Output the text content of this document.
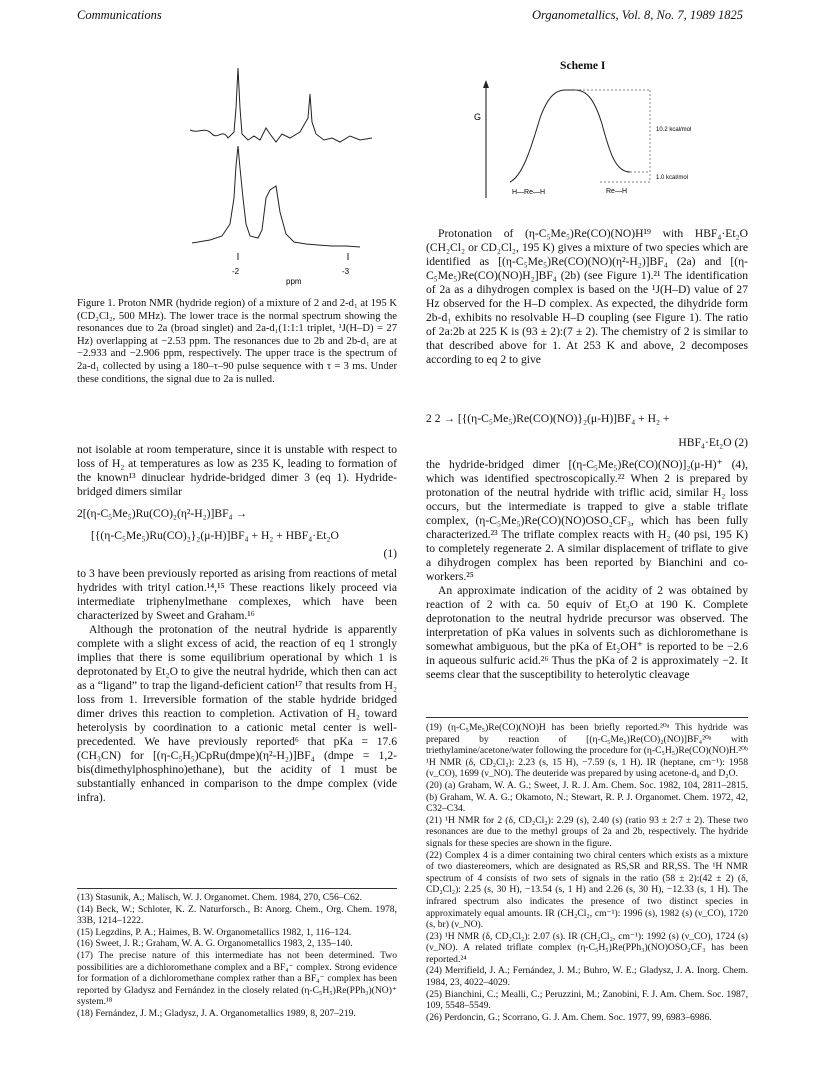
Communications	Organometallics, Vol. 8, No. 7, 1989 1825
-2
ppm
-3
Figure 1. Proton NMR (hydride region) of a mixture of 2 and 2-d₁ at 195 K (CD₂Cl₂, 500 MHz). The lower trace is the normal spectrum showing the resonances due to 2a (broad singlet) and 2a-d₁(1:1:1 triplet, ¹J(H–D) = 27 Hz) overlapping at −2.53 ppm. The resonances due to 2b and 2b-d₁ are at −2.933 and −2.906 ppm, respectively. The upper trace is the spectrum of 2a-d₁ collected by using a 180–τ–90 pulse sequence with τ = 3 ms. Under these conditions, the signal due to 2a is nulled.
Scheme I
G
10.2 kcal/mol
1.0 kcal/mol
H—Re—H	Re—H

Protonation of (η-C₅Me₅)Re(CO)(NO)H¹⁹ with HBF₄·Et₂O (CH₂Cl₂ or CD₂Cl₂, 195 K) gives a mixture of two species which are identified as [(η-C₅Me₅)Re(CO)(NO)(η²-H₂)]BF₄ (2a) and [(η-C₅Me₅)Re(CO)(NO)H₂]BF₄ (2b) (see Figure 1).²¹ The identification of 2a as a dihydrogen complex is based on the ¹J(H–D) value of 27 Hz observed for the H–D complex. As expected, the dihydride form 2b-d₁ exhibits no resolvable H–D coupling (see Figure 1). The ratio of 2a:2b at 225 K is (93 ± 2):(7 ± 2). The chemistry of 2 is similar to that described above for 1. At 253 K and above, 2 decomposes according to eq 2 to give

2 2 → [{(η-C₅Me₅)Re(CO)(NO)}₂(μ-H)]BF₄ + H₂ +
HBF₄·Et₂O (2)

not isolable at room temperature, since it is unstable with respect to loss of H₂ at temperatures as low as 235 K, leading to formation of the known¹³ dinuclear hydride-bridged dimer 3 (eq 1). Hydride-bridged dimers similar

2[(η-C₅Me₅)Ru(CO)₂(η²-H₂)]BF₄ →
[{(η-C₅Me₅)Ru(CO)₂}₂(μ-H)]BF₄ + H₂ + HBF₄·Et₂O
(1)

to 3 have been previously reported as arising from reactions of metal hydrides with trityl cation.¹⁴,¹⁵ These reactions likely proceed via intermediate triphenylmethane complexes, which have been characterized by Sweet and Graham.¹⁶

Although the protonation of the neutral hydride is apparently complete with a slight excess of acid, the reaction of eq 1 strongly implies that there is some equilibrium operational by which 1 is deprotonated by Et₂O to give the neutral hydride, which then can act as a “ligand” to trap the ligand-deficient cation¹⁷ that results from H₂ loss from 1. Irreversible formation of the stable hydride bridged dimer drives this reaction to completion. Activation of H₂ toward heterolysis by coordination to a cationic metal center is well-precedented. We have previously reported⁶ that pKa = 17.6 (CH₃CN) for [(η-C₅H₅)CpRu(dmpe)(η²-H₂)]BF₄ (dmpe = 1,2-bis(dimethylphosphino)ethane), but the acidity of 1 must be substantially enhanced in comparison to the dmpe complex (vide infra).

the hydride-bridged dimer [(η-C₅Me₅)Re(CO)(NO)]₂(μ-H)⁺ (4), which was identified spectroscopically.²² When 2 is prepared by protonation of the neutral hydride with triflic acid, similar H₂ loss occurs, but the intermediate is trapped to give a stable triflate complex, (η-C₅Me₅)Re(CO)(NO)OSO₂CF₃, which has been fully characterized.²³ The triflate complex reacts with H₂ (40 psi, 195 K) to completely regenerate 2. A similar displacement of triflate to give a dihydrogen complex has been reported by Bianchini and co-workers.²⁵

An approximate indication of the acidity of 2 was obtained by reaction of 2 with ca. 50 equiv of Et₂O at 190 K. Complete deprotonation to the neutral hydride precursor was observed. The interpretation of pKa values in solvents such as dichloromethane is somewhat ambiguous, but the pKa of Et₂OH⁺ is reported to be −2.6 in aqueous sulfuric acid.²⁶ Thus the pKa of 2 is approximately −2. It seems clear that the susceptibility to heterolytic cleavage

(13) Stasunik, A.; Malisch, W. J. Organomet. Chem. 1984, 270, C56–C62.

(14) Beck, W.; Schloter, K. Z. Naturforsch., B: Anorg. Chem., Org. Chem. 1978, 33B, 1214–1222.

(15) Legzdins, P. A.; Haimes, B. W. Organometallics 1982, 1, 116–124.

(16) Sweet, J. R.; Graham, W. A. G. Organometallics 1983, 2, 135–140.

(17) The precise nature of this intermediate has not been determined. Two possibilities are a dichloromethane complex and a BF₄⁻ complex. Strong evidence for formation of a dichloromethane complex rather than a BF₄⁻ complex has been reported by Gladysz and Fernández in the closely related (η-C₅H₅)Re(PPh₃)(NO)⁺ system.¹⁸

(18) Fernández, J. M.; Gladysz, J. A. Organometallics 1989, 8, 207–219.

(19) (η-C₅Me₅)Re(CO)(NO)H has been briefly reported.²⁰ᵃ This hydride was prepared by reaction of [(η-C₅Me₅)Re(CO)₂(NO)]BF₄²⁰ᵃ with triethylamine/acetone/water following the procedure for (η-C₅H₅)Re(CO)(NO)H.²⁰ᵇ ¹H NMR (δ, CD₂Cl₂): 2.23 (s, 15 H), −7.59 (s, 1 H). IR (heptane, cm⁻¹): 1958 (ν_CO), 1699 (ν_NO). The deuteride was prepared by using acetone-d₆ and D₂O.

(20) (a) Graham, W. A. G.; Sweet, J. R. J. Am. Chem. Soc. 1982, 104, 2811–2815. (b) Graham, W. A. G.; Okamoto, N.; Stewart, R. P. J. Organomet. Chem. 1972, 42, C32–C34.

(21) ¹H NMR for 2 (δ, CD₂Cl₂): 2.29 (s), 2.40 (s) (ratio 93 ± 2:7 ± 2). These two resonances are due to the methyl groups of 2a and 2b, respectively. The hydride signals for these species are shown in the figure.

(22) Complex 4 is a dimer containing two chiral centers which exists as a mixture of two diastereomers, which are designated as RS,SR and RR,SS. The ¹H NMR spectrum of 4 consists of two sets of signals in the ratio (58 ± 2):(42 ± 2) (δ, CD₂Cl₂): 2.25 (s, 30 H), −13.54 (s, 1 H) and 2.26 (s, 30 H), −12.33 (s, 1 H). The infrared spectrum also indicates the presence of two distinct species in approximately equal amounts. IR (CH₂Cl₂, cm⁻¹): 1996 (s), 1982 (s) (ν_CO), 1720 (s, br) (ν_NO).

(23) ¹H NMR (δ, CD₂Cl₂): 2.07 (s). IR (CH₂Cl₂, cm⁻¹): 1992 (s) (ν_CO), 1724 (s) (ν_NO). A related triflate complex (η-C₅H₅)Re(PPh₃)(NO)OSO₂CF₃ has been reported.²⁴

(24) Merrifield, J. A.; Fernández, J. M.; Buhro, W. E.; Gladysz, J. A. Inorg. Chem. 1984, 23, 4022–4029.

(25) Bianchini, C.; Mealli, C.; Peruzzini, M.; Zanobini, F. J. Am. Chem. Soc. 1987, 109, 5548–5549.

(26) Perdoncin, G.; Scorrano, G. J. Am. Chem. Soc. 1977, 99, 6983–6986.
